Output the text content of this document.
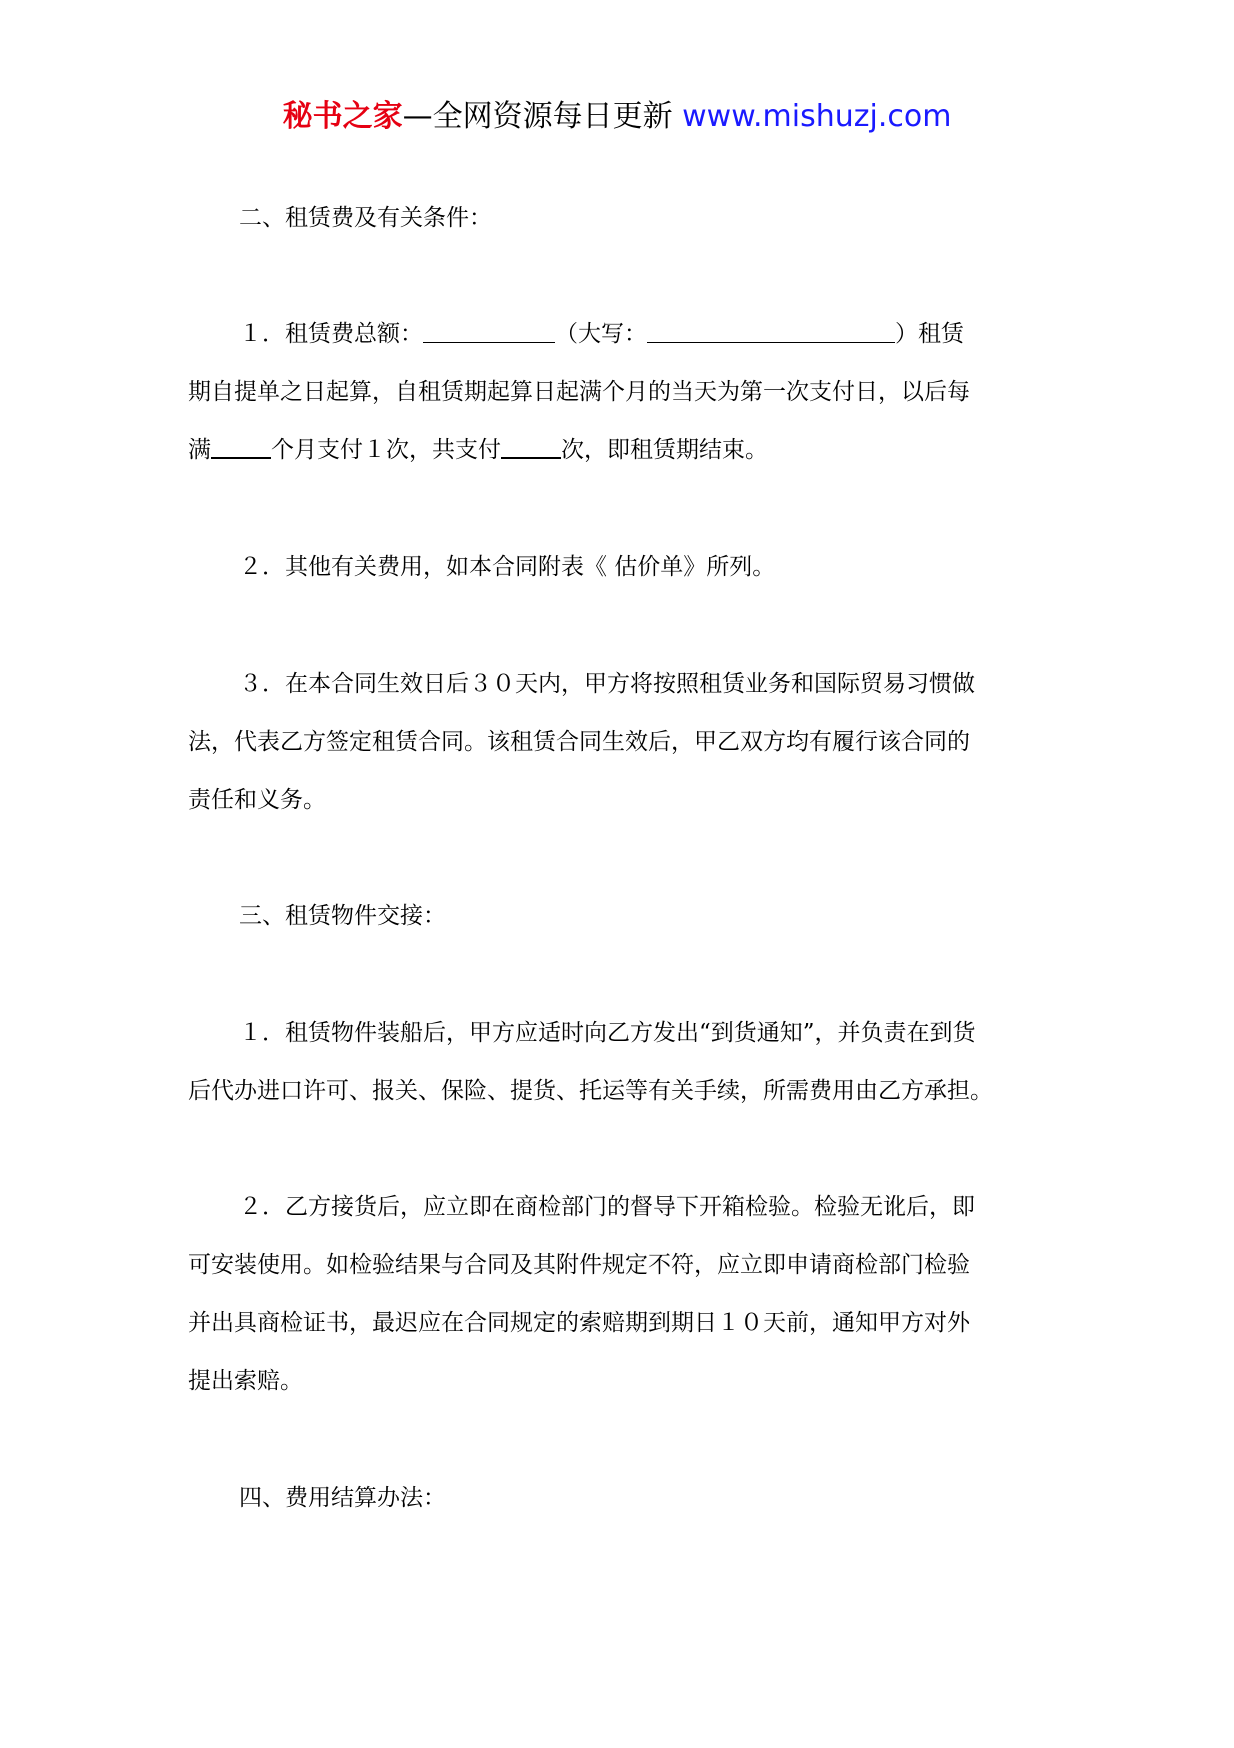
秘书之家—全网资源每日更新 www.mishuzj.com
二、租赁费及有关条件：
１．租赁费总额：	（大写：	）租赁
期自提单之日起算，自租赁期起算日起满个月的当天为第一次支付日，以后每
满	个月支付１次，共支付	次，即租赁期结束。
２．其他有关费用，如本合同附表《 估价单》所列。
３．在本合同生效日后３０天内，甲方将按照租赁业务和国际贸易习惯做
法，代表乙方签定租赁合同。该租赁合同生效后，甲乙双方均有履行该合同的
责任和义务。
三、租赁物件交接：
１．租赁物件装船后，甲方应适时向乙方发出“到货通知”，并负责在到货
后代办进口许可、报关、保险、提货、托运等有关手续，所需费用由乙方承担。
２．乙方接货后，应立即在商检部门的督导下开箱检验。检验无讹后，即
可安装使用。如检验结果与合同及其附件规定不符，应立即申请商检部门检验
并出具商检证书，最迟应在合同规定的索赔期到期日１０天前，通知甲方对外
提出索赔。
四、费用结算办法：
